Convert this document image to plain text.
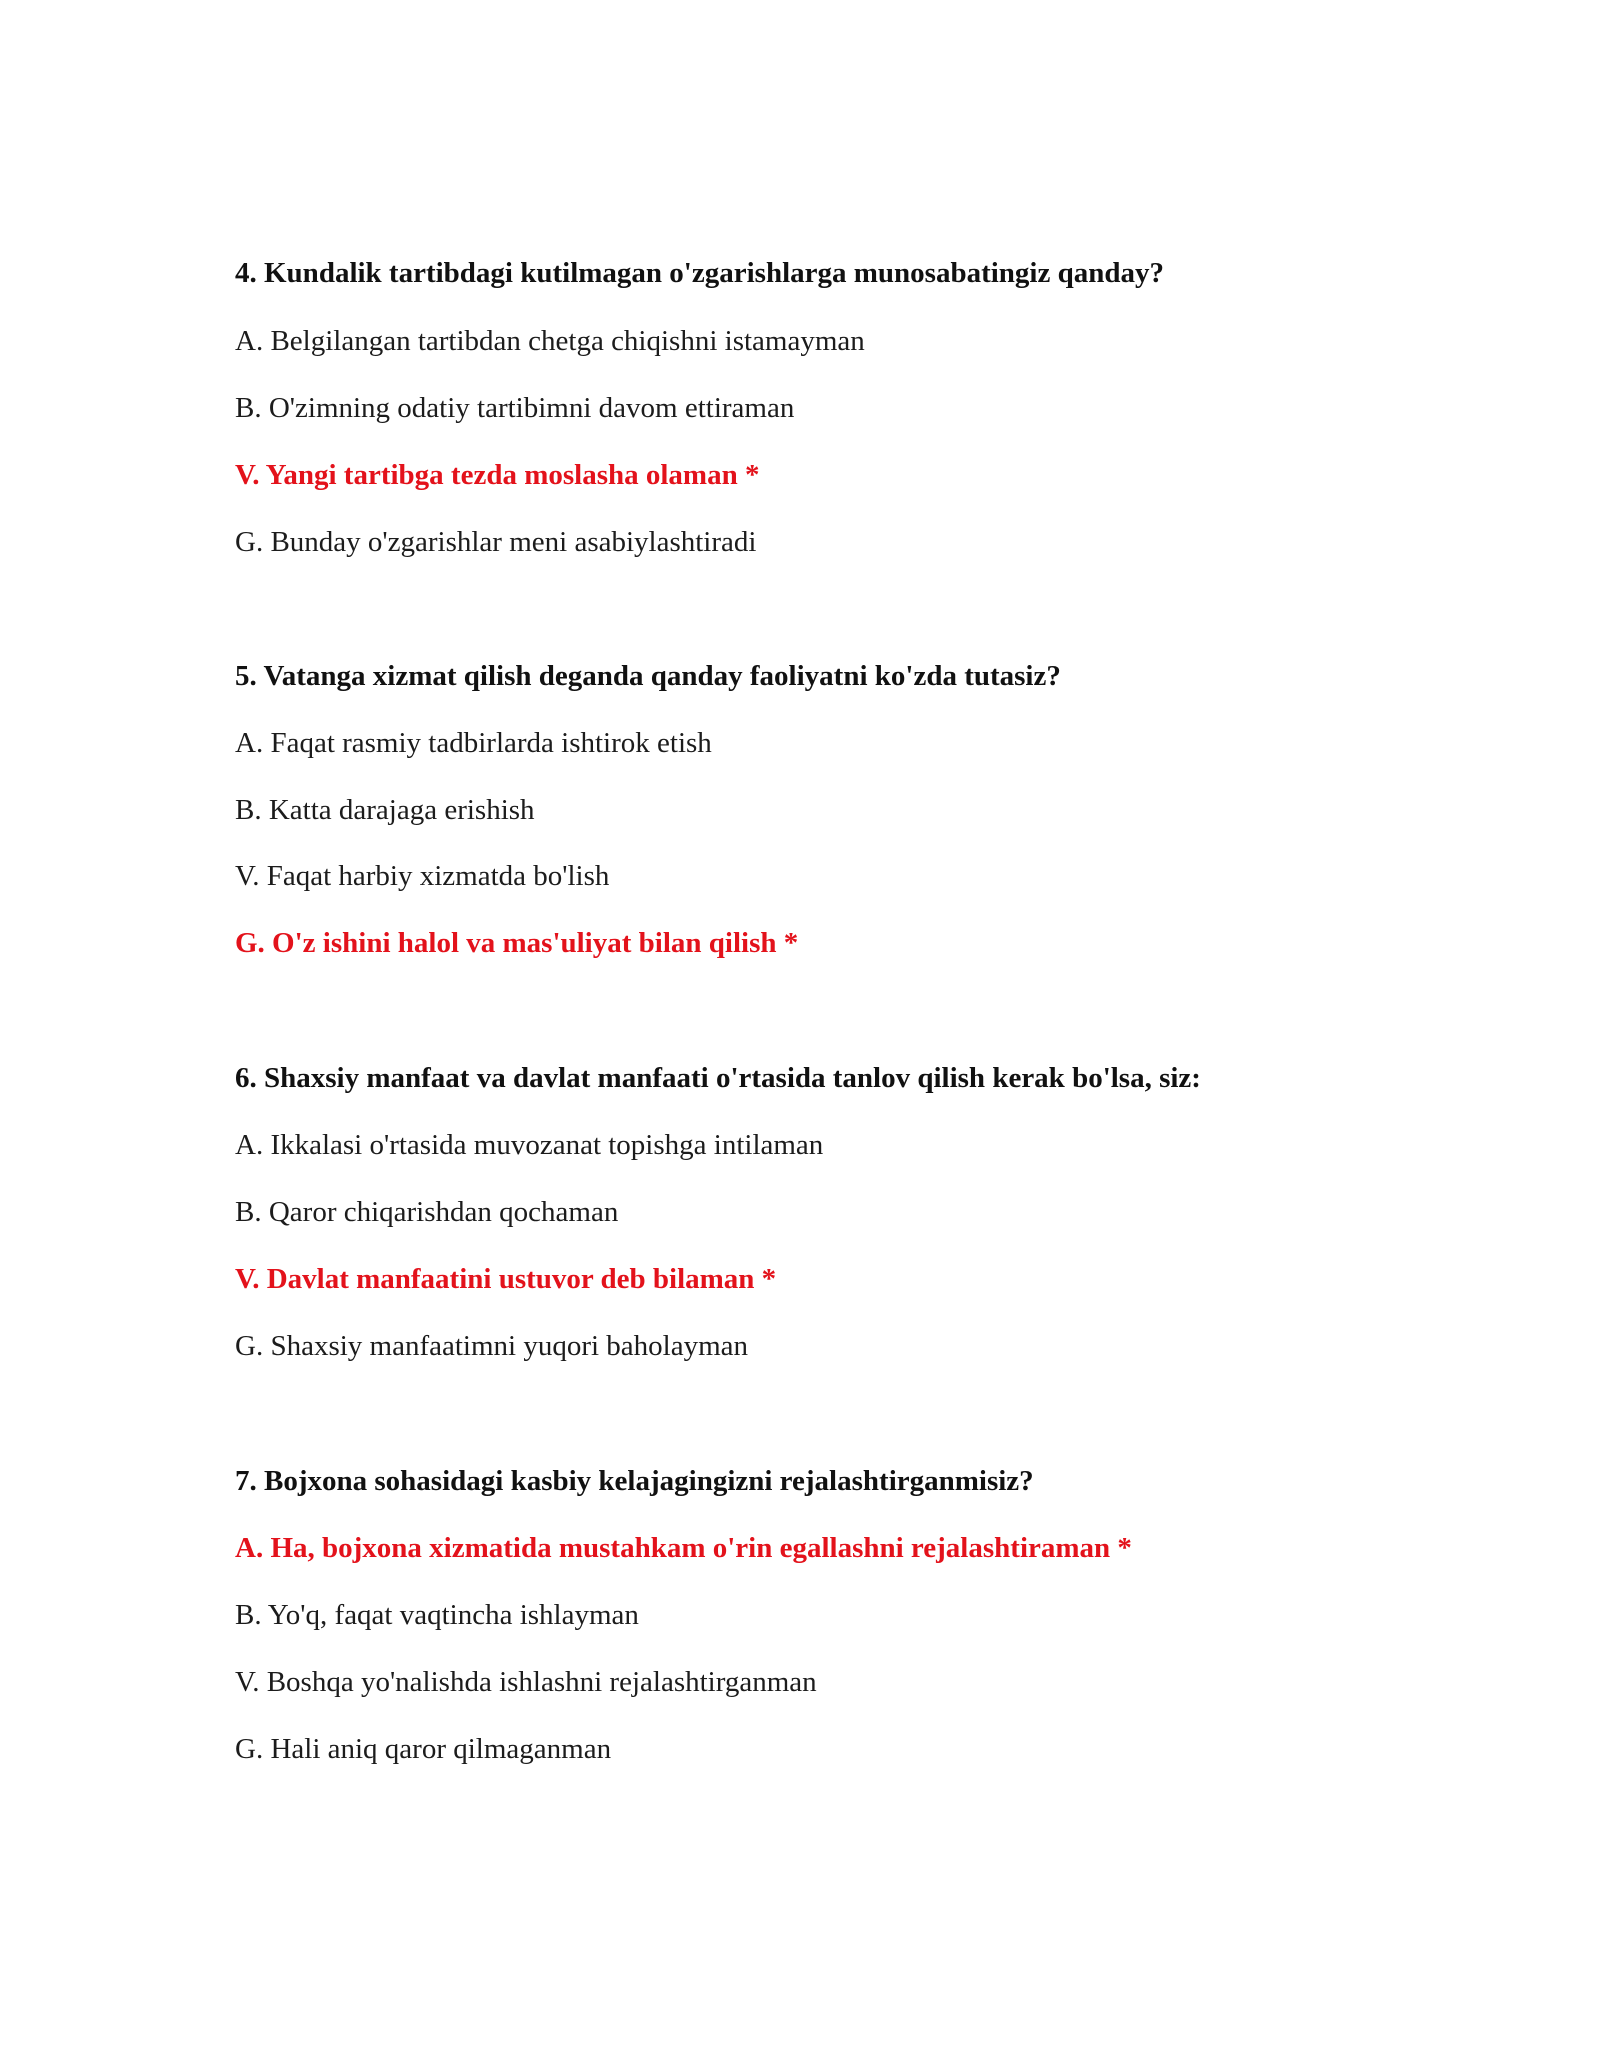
4. Kundalik tartibdagi kutilmagan o'zgarishlarga munosabatingiz qanday?
A. Belgilangan tartibdan chetga chiqishni istamayman
B. O'zimning odatiy tartibimni davom ettiraman
V. Yangi tartibga tezda moslasha olaman *
G. Bunday o'zgarishlar meni asabiylashtiradi
5. Vatanga xizmat qilish deganda qanday faoliyatni ko'zda tutasiz?
A. Faqat rasmiy tadbirlarda ishtirok etish
B. Katta darajaga erishish
V. Faqat harbiy xizmatda bo'lish
G. O'z ishini halol va mas'uliyat bilan qilish *
6. Shaxsiy manfaat va davlat manfaati o'rtasida tanlov qilish kerak bo'lsa, siz:
A. Ikkalasi o'rtasida muvozanat topishga intilaman
B. Qaror chiqarishdan qochaman
V. Davlat manfaatini ustuvor deb bilaman *
G. Shaxsiy manfaatimni yuqori baholayman
7. Bojxona sohasidagi kasbiy kelajagingizni rejalashtirganmisiz?
A. Ha, bojxona xizmatida mustahkam o'rin egallashni rejalashtiraman *
B. Yo'q, faqat vaqtincha ishlayman
V. Boshqa yo'nalishda ishlashni rejalashtirganman
G. Hali aniq qaror qilmaganman
